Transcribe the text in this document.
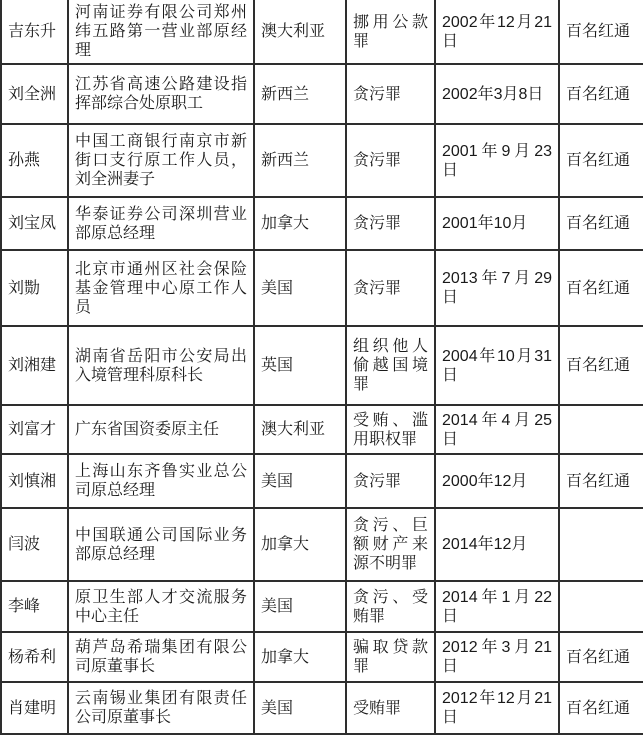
吉东升	河南证券有限公司郑州纬五路第一营业部原经理	澳大利亚	挪用公款罪	2002年12月21日	百名红通
刘全洲	江苏省高速公路建设指挥部综合处原职工	新西兰	贪污罪	2002年3月8日	百名红通
孙燕	中国工商银行南京市新街口支行原工作人员，刘全洲妻子	新西兰	贪污罪	2001年9月23日	百名红通
刘宝凤	华泰证券公司深圳营业部原总经理	加拿大	贪污罪	2001年10月	百名红通
刘勚	北京市通州区社会保险基金管理中心原工作人员	美国	贪污罪	2013年7月29日	百名红通
刘湘建	湖南省岳阳市公安局出入境管理科原科长	英国	组织他人偷越国境罪	2004年10月31日	百名红通
刘富才	广东省国资委原主任	澳大利亚	受贿、滥用职权罪	2014年4月25日	
刘慎湘	上海山东齐鲁实业总公司原总经理	美国	贪污罪	2000年12月	百名红通
闫波	中国联通公司国际业务部原总经理	加拿大	贪污、巨额财产来源不明罪	2014年12月	
李峰	原卫生部人才交流服务中心主任	美国	贪污、受贿罪	2014年1月22日	
杨希利	葫芦岛希瑞集团有限公司原董事长	加拿大	骗取贷款罪	2012年3月21日	百名红通
肖建明	云南锡业集团有限责任公司原董事长	美国	受贿罪	2012年12月21日	百名红通
